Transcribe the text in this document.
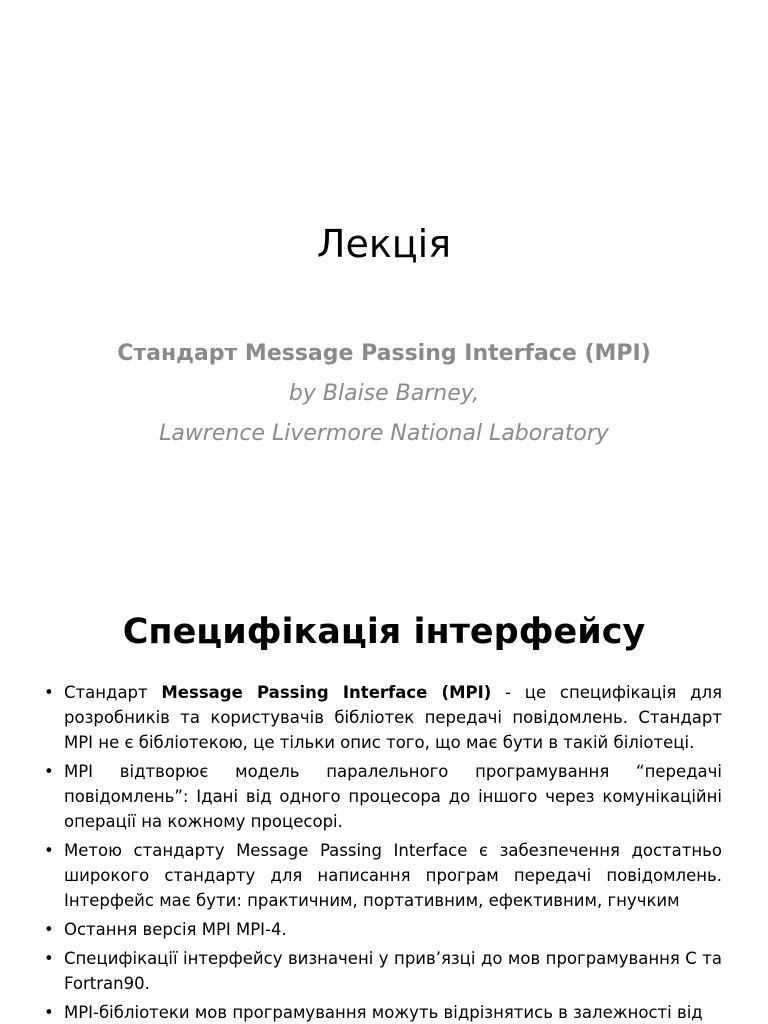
Лекція
Стандарт Message Passing Interface (MPI)
by Blaise Barney,
Lawrence Livermore National Laboratory
Специфікація інтерфейсу
• Стандарт Message Passing Interface (MPI) - це специфікація для розробників та користувачів бібліотек передачі повідомлень. Стандарт MPI не є бібліотекою, це тільки опис того, що має бути в такій біліотеці.
• MPI відтворює модель паралельного програмування “передачі повідомлень”: Ідані від одного процесора до іншого через комунікаційні операції на кожному процесорі.
• Метою стандарту Message Passing Interface є забезпечення достатньо широкого стандарту для написання програм передачі повідомлень. Інтерфейс має бути: практичним, портативним, ефективним, гнучким
• Остання версія MPI MPI-4.
• Специфікації інтерфейсу визначені у прив’язці до мов програмування C та Fortran90.
• MPI-бібліотеки мов програмування можуть відрізнятись в залежності від
